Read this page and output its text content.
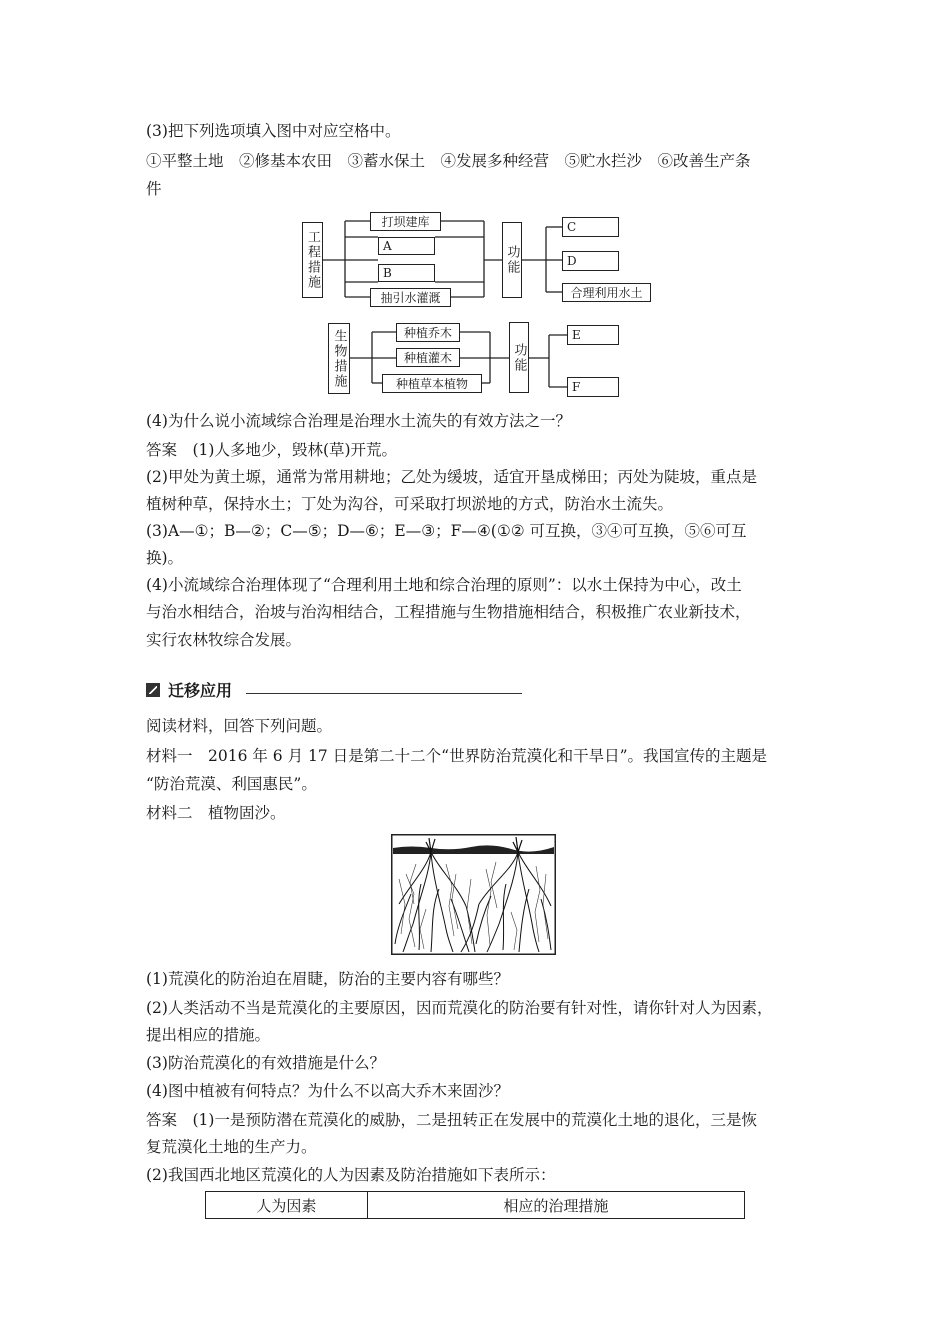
(3)把下列选项填入图中对应空格中。
①平整土地　②修基本农田　③蓄水保土　④发展多种经营　⑤贮水拦沙　⑥改善生产条
件
工程措施
打坝建库
A
B
抽引水灌溉
功能
C
D
合理利用水土
生物措施	种植乔木
种植灌木
种植草本植物
功能
E
F
(4)为什么说小流域综合治理是治理水土流失的有效方法之一？
答案　(1)人多地少，毁林(草)开荒。
(2)甲处为黄土塬，通常为常用耕地；乙处为缓坡，适宜开垦成梯田；丙处为陡坡，重点是
植树种草，保持水土；丁处为沟谷，可采取打坝淤地的方式，防治水土流失。
(3)A—①；B—②；C—⑤；D—⑥；E—③；F—④(①② 可互换，③④可互换，⑤⑥可互
换)。
(4)小流域综合治理体现了“合理利用土地和综合治理的原则”：以水土保持为中心，改土
与治水相结合，治坡与治沟相结合，工程措施与生物措施相结合，积极推广农业新技术，
实行农林牧综合发展。
迁移应用
阅读材料，回答下列问题。
材料一　2016 年 6 月 17 日是第二十二个“世界防治荒漠化和干旱日”。我国宣传的主题是
“防治荒漠、利国惠民”。
材料二　植物固沙。
(1)荒漠化的防治迫在眉睫，防治的主要内容有哪些？
(2)人类活动不当是荒漠化的主要原因，因而荒漠化的防治要有针对性，请你针对人为因素，
提出相应的措施。
(3)防治荒漠化的有效措施是什么？
(4)图中植被有何特点？为什么不以高大乔木来固沙？
答案　(1)一是预防潜在荒漠化的威胁，二是扭转正在发展中的荒漠化土地的退化，三是恢
复荒漠化土地的生产力。
(2)我国西北地区荒漠化的人为因素及防治措施如下表所示：
人为因素	相应的治理措施
